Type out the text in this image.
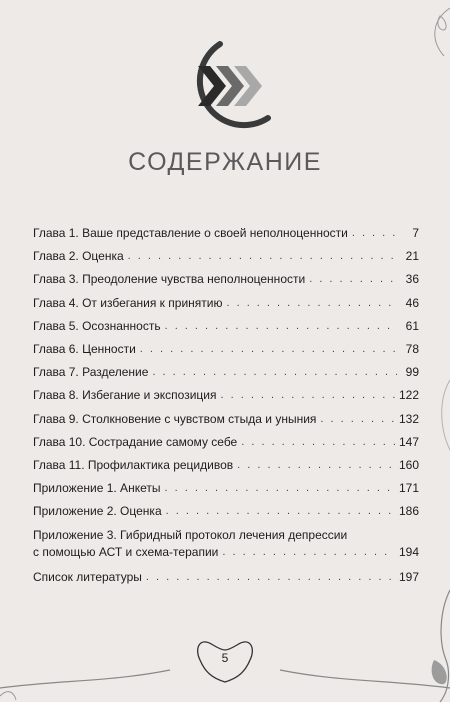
СОДЕРЖАНИЕ
Глава 1. Ваше представление о своей неполноценности . . .	7
Глава 2. Оценка . . .	21
Глава 3. Преодоление чувства неполноценности . . .	36
Глава 4. От избегания к принятию . . .	46
Глава 5. Осознанность . . .	61
Глава 6. Ценности . . .	78
Глава 7. Разделение . . .	99
Глава 8. Избегание и экспозиция . . .	122
Глава 9. Столкновение с чувством стыда и уныния . . .	132
Глава 10. Сострадание самому себе . . .	147
Глава 11. Профилактика рецидивов . . .	160
Приложение 1. Анкеты . . .	171
Приложение 2. Оценка . . .	186
Приложение 3. Гибридный протокол лечения депрессии
с помощью АСТ и схема-терапии . . .	194
Список литературы . . .	197
5
